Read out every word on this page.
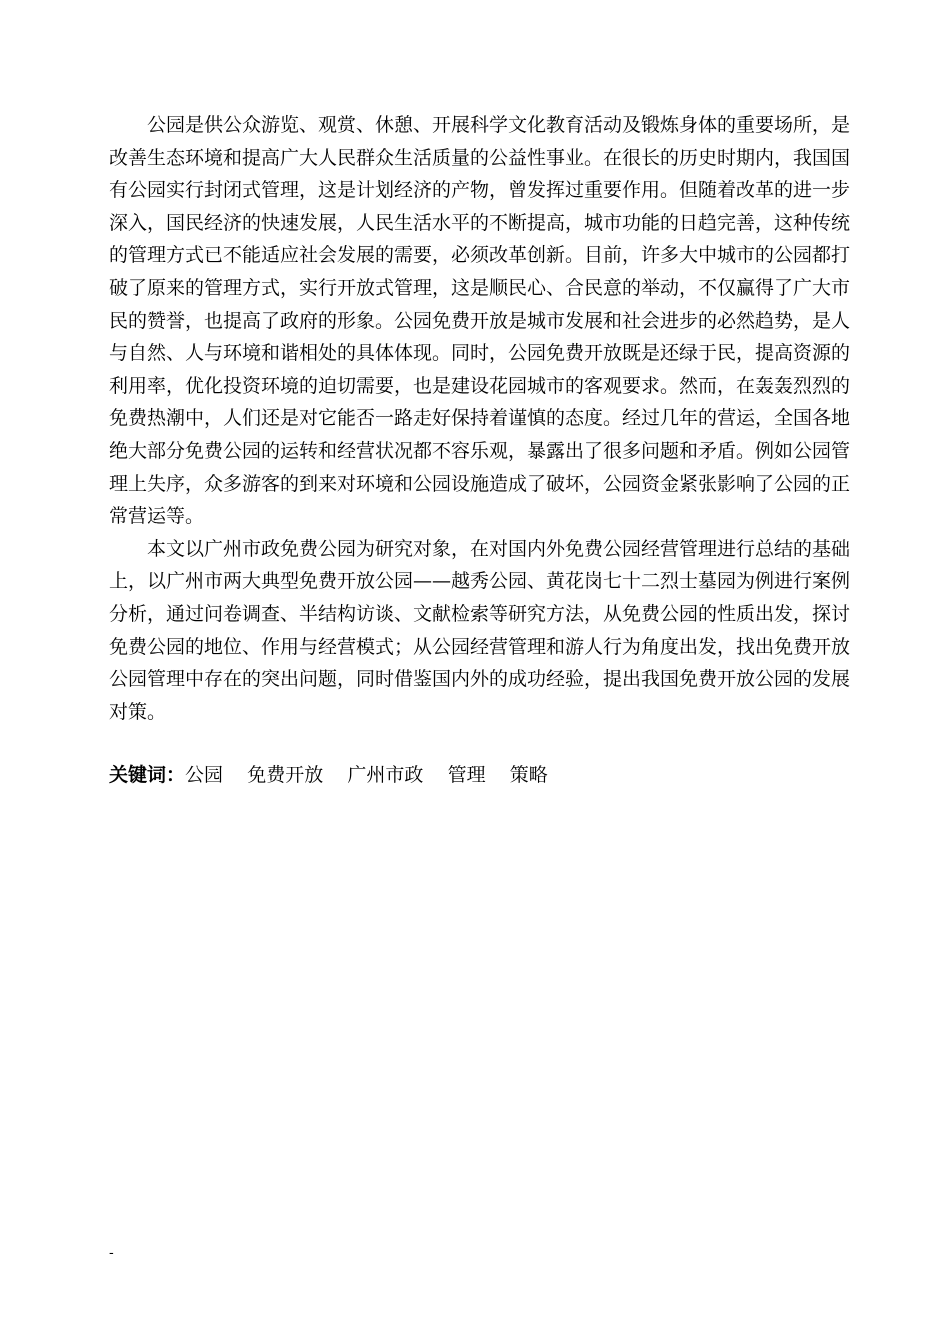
公园是供公众游览、观赏、休憩、开展科学文化教育活动及锻炼身体的重要场所，是改善生态环境和提高广大人民群众生活质量的公益性事业。在很长的历史时期内，我国国有公园实行封闭式管理，这是计划经济的产物，曾发挥过重要作用。但随着改革的进一步深入，国民经济的快速发展，人民生活水平的不断提高，城市功能的日趋完善，这种传统的管理方式已不能适应社会发展的需要，必须改革创新。目前，许多大中城市的公园都打破了原来的管理方式，实行开放式管理，这是顺民心、合民意的举动，不仅赢得了广大市民的赞誉，也提高了政府的形象。公园免费开放是城市发展和社会进步的必然趋势，是人与自然、人与环境和谐相处的具体体现。同时，公园免费开放既是还绿于民，提高资源的利用率，优化投资环境的迫切需要，也是建设花园城市的客观要求。然而，在轰轰烈烈的免费热潮中，人们还是对它能否一路走好保持着谨慎的态度。经过几年的营运，全国各地绝大部分免费公园的运转和经营状况都不容乐观，暴露出了很多问题和矛盾。例如公园管理上失序，众多游客的到来对环境和公园设施造成了破坏，公园资金紧张影响了公园的正常营运等。

本文以广州市政免费公园为研究对象，在对国内外免费公园经营管理进行总结的基础上，以广州市两大典型免费开放公园——越秀公园、黄花岗七十二烈士墓园为例进行案例分析，通过问卷调查、半结构访谈、文献检索等研究方法，从免费公园的性质出发，探讨免费公园的地位、作用与经营模式；从公园经营管理和游人行为角度出发，找出免费开放公园管理中存在的突出问题，同时借鉴国内外的成功经验，提出我国免费开放公园的发展对策。

关键词：公园 免费开放 广州市政 管理 策略
-
